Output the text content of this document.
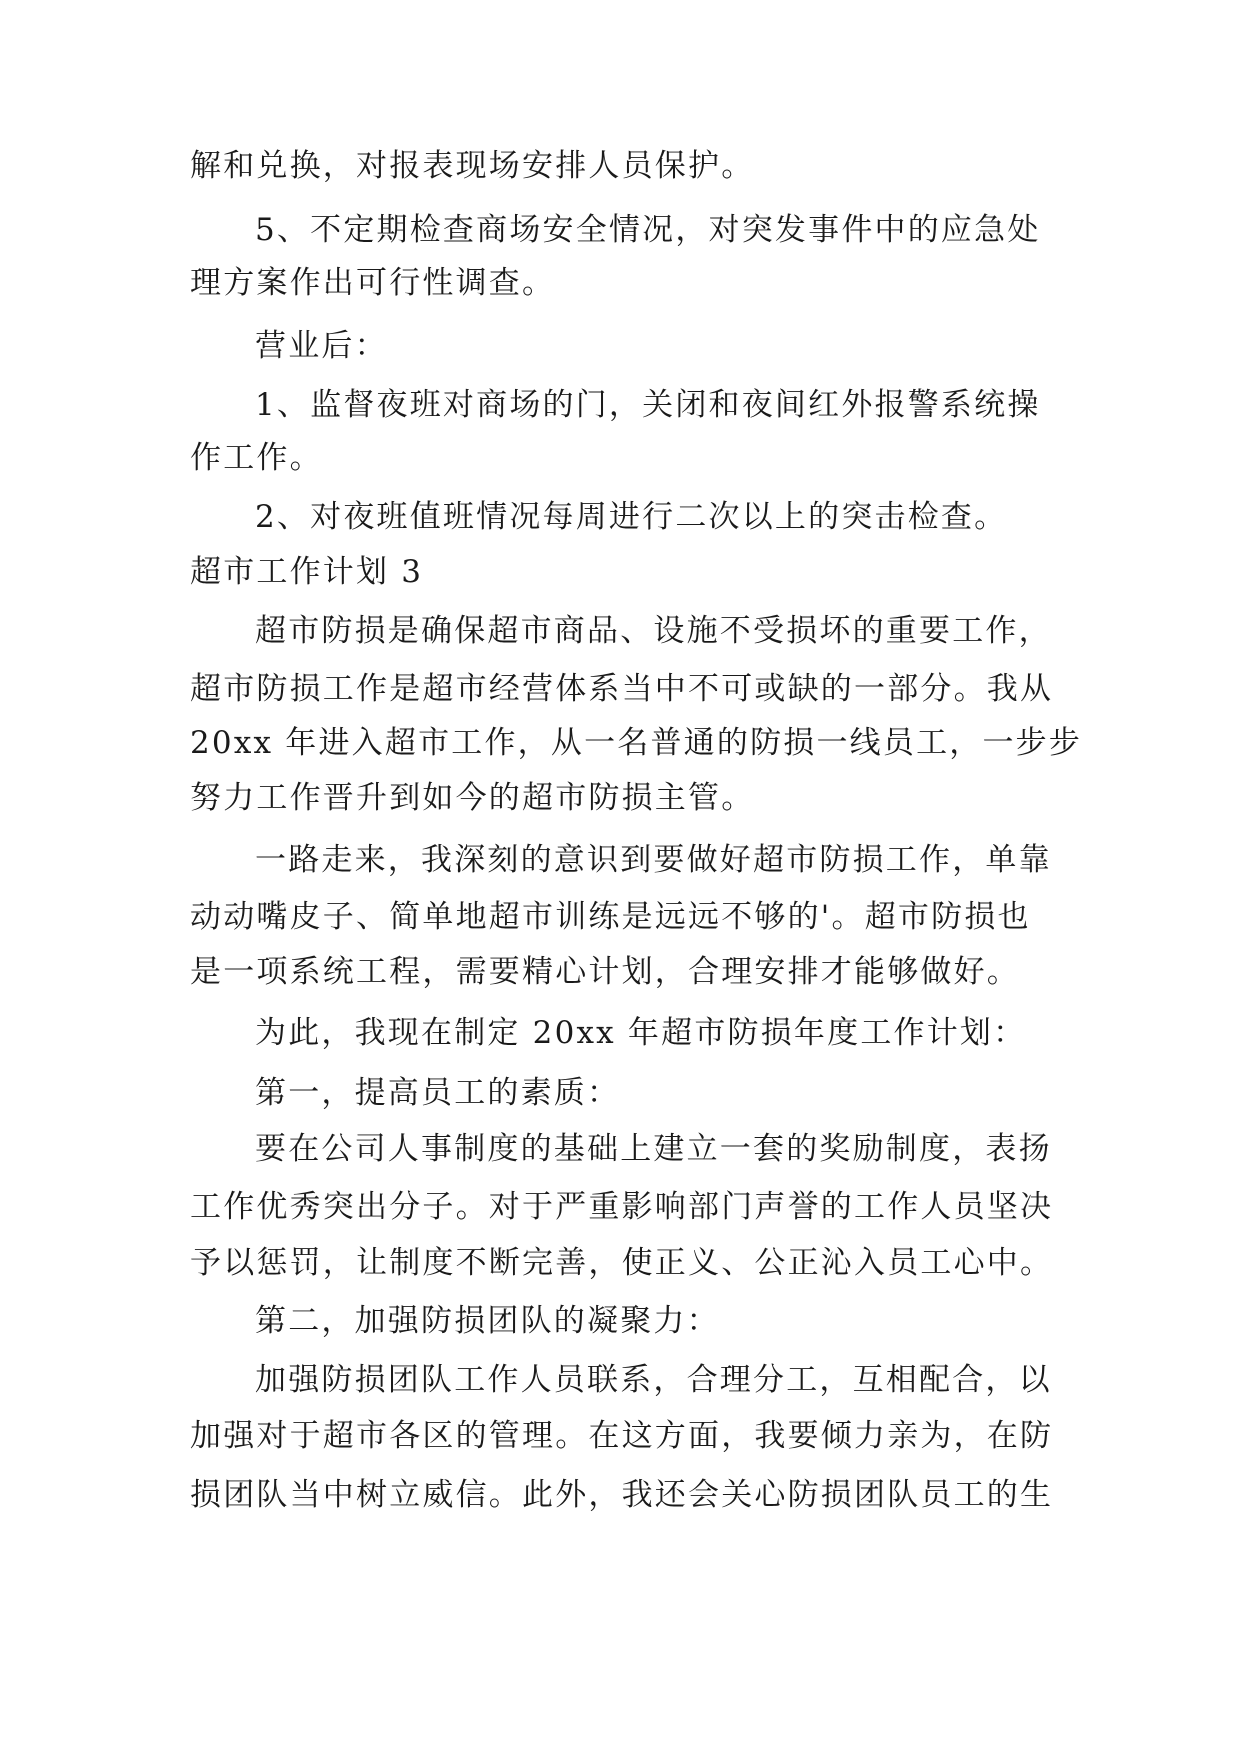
解和兑换，对报表现场安排人员保护。
5、不定期检查商场安全情况，对突发事件中的应急处
理方案作出可行性调查。
营业后：
1、监督夜班对商场的门，关闭和夜间红外报警系统操
作工作。
2、对夜班值班情况每周进行二次以上的突击检查。
超市工作计划 3
超市防损是确保超市商品、设施不受损坏的重要工作，
超市防损工作是超市经营体系当中不可或缺的一部分。我从
20xx 年进入超市工作，从一名普通的防损一线员工，一步步
努力工作晋升到如今的超市防损主管。
一路走来，我深刻的意识到要做好超市防损工作，单靠
动动嘴皮子、简单地超市训练是远远不够的'。超市防损也
是一项系统工程，需要精心计划，合理安排才能够做好。
为此，我现在制定 20xx 年超市防损年度工作计划：
第一，提高员工的素质：
要在公司人事制度的基础上建立一套的奖励制度，表扬
工作优秀突出分子。对于严重影响部门声誉的工作人员坚决
予以惩罚，让制度不断完善，使正义、公正沁入员工心中。
第二，加强防损团队的凝聚力：
加强防损团队工作人员联系，合理分工，互相配合，以
加强对于超市各区的管理。在这方面，我要倾力亲为，在防
损团队当中树立威信。此外，我还会关心防损团队员工的生
